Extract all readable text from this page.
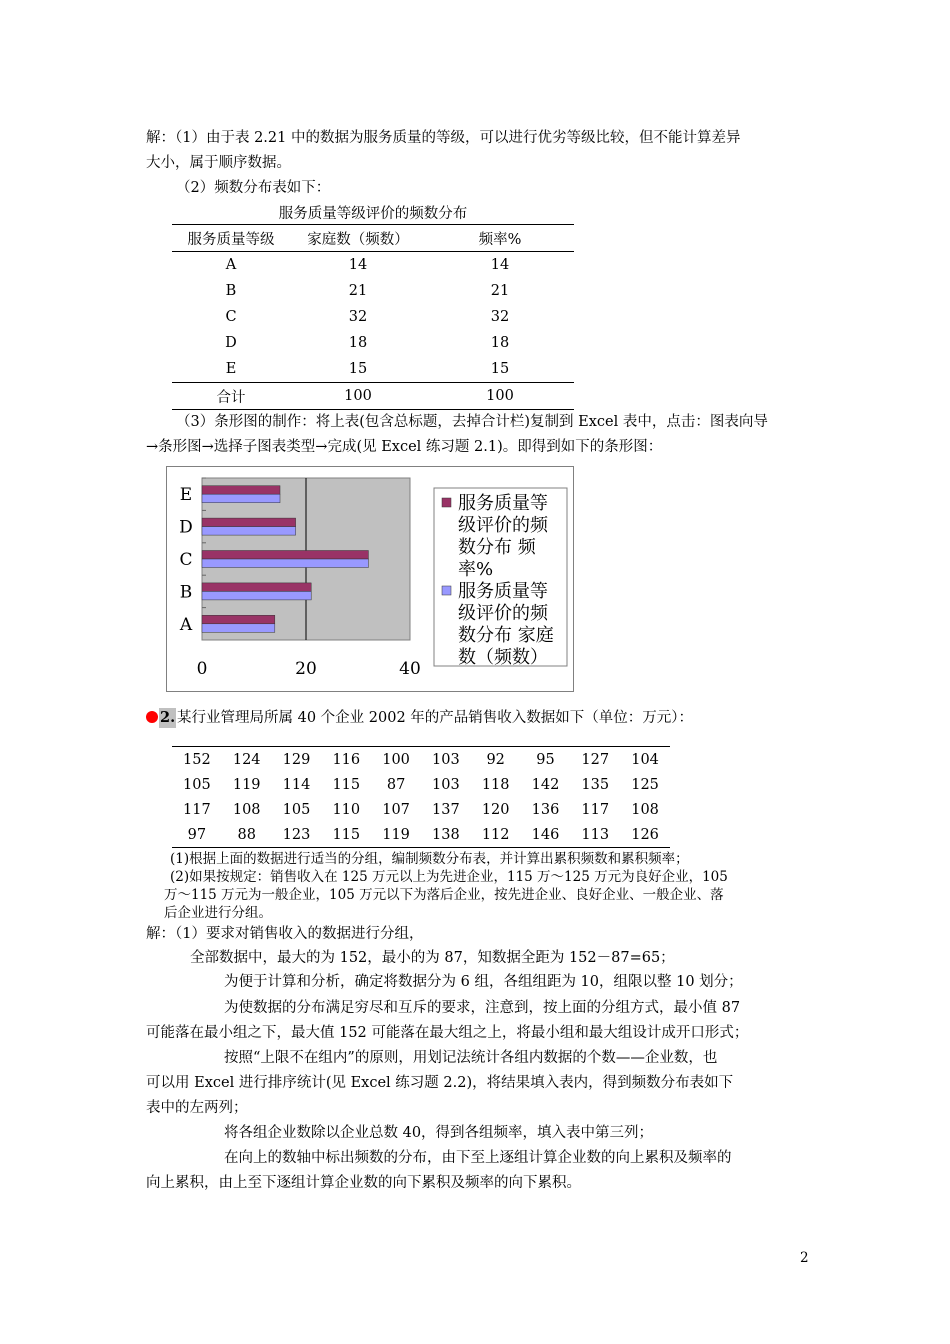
解：（1）由于表 2.21 中的数据为服务质量的等级，可以进行优劣等级比较，但不能计算差异
大小，属于顺序数据。
（2）频数分布表如下：
服务质量等级评价的频数分布
服务质量等级	家庭数（频数）	频率%
A	14	14
B	21	21
C	32	32
D	18	18
E	15	15
合计	100	100
（3）条形图的制作：将上表(包含总标题，去掉合计栏)复制到 Excel 表中，点击：图表向导
→条形图→选择子图表类型→完成(见 Excel 练习题 2.1)。即得到如下的条形图：
0	20	40
A
B
C
D
E	服务质量等
级评价的频
数分布 频
率%
服务质量等
级评价的频
数分布 家庭
数（频数）
2. 某行业管理局所属 40 个企业 2002 年的产品销售收入数据如下（单位：万元）：
152	124	129	116	100	103	92	95	127	104
105	119	114	115	87	103	118	142	135	125
117	108	105	110	107	137	120	136	117	108
97	88	123	115	119	138	112	146	113	126
(1)根据上面的数据进行适当的分组，编制频数分布表，并计算出累积频数和累积频率；
(2)如果按规定：销售收入在 125 万元以上为先进企业，115 万～125 万元为良好企业，105
万～115 万元为一般企业，105 万元以下为落后企业，按先进企业、良好企业、一般企业、落
后企业进行分组。
解：（1）要求对销售收入的数据进行分组，
全部数据中，最大的为 152，最小的为 87，知数据全距为 152－87=65；
为便于计算和分析，确定将数据分为 6 组，各组组距为 10，组限以整 10 划分；
为使数据的分布满足穷尽和互斥的要求，注意到，按上面的分组方式，最小值 87
可能落在最小组之下，最大值 152 可能落在最大组之上，将最小组和最大组设计成开口形式；
按照“上限不在组内”的原则，用划记法统计各组内数据的个数——企业数，也
可以用 Excel 进行排序统计(见 Excel 练习题 2.2)，将结果填入表内，得到频数分布表如下
表中的左两列；
将各组企业数除以企业总数 40，得到各组频率，填入表中第三列；
在向上的数轴中标出频数的分布，由下至上逐组计算企业数的向上累积及频率的
向上累积，由上至下逐组计算企业数的向下累积及频率的向下累积。
2
